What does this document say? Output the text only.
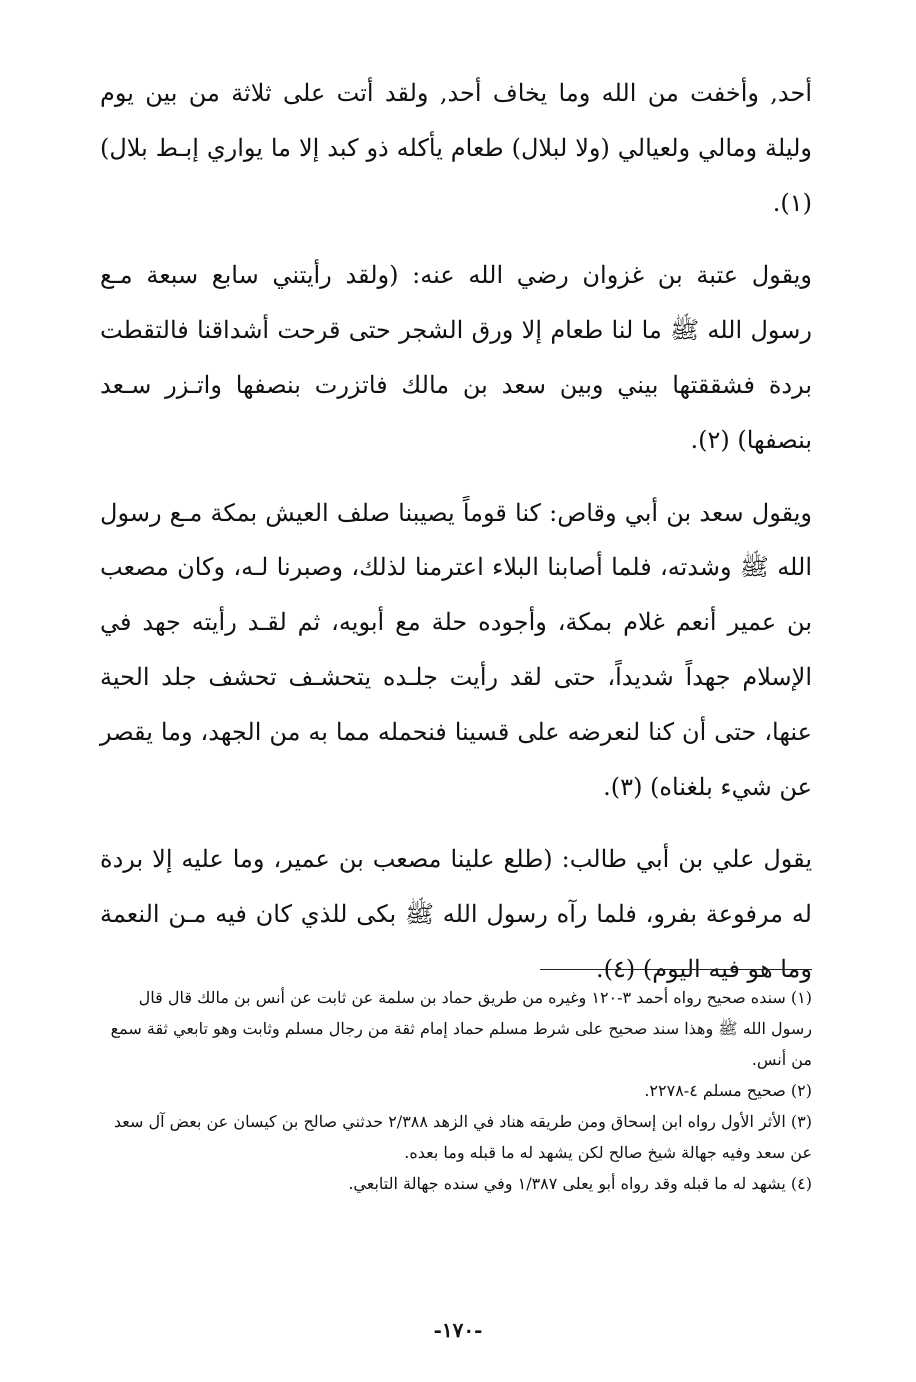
أحد, وأخفت من الله وما يخاف أحد, ولقد أتت على ثلاثة من بين يوم وليلة ومالي ولعيالي (ولا لبلال) طعام يأكله ذو كبد إلا ما يواري إبـط بلال) (١).

ويقول عتبة بن غزوان رضي الله عنه: (ولقد رأيتني سابع سبعة مـع رسول الله ﷺ ما لنا طعام إلا ورق الشجر حتى قرحت أشداقنا فالتقطت بردة فشققتها بيني وبين سعد بن مالك فاتزرت بنصفها واتـزر سـعد بنصفها) (٢).

ويقول سعد بن أبي وقاص: كنا قوماً يصيبنا صلف العيش بمكة مـع رسول الله ﷺ وشدته، فلما أصابنا البلاء اعترمنا لذلك، وصبرنا لـه، وكان مصعب بن عمير أنعم غلام بمكة، وأجوده حلة مع أبويه، ثم لقـد رأيته جهد في الإسلام جهداً شديداً، حتى لقد رأيت جلـده يتحشـف تحشف جلد الحية عنها، حتى أن كنا لنعرضه على قسينا فنحمله مما به من الجهد، وما يقصر عن شيء بلغناه) (٣).

يقول علي بن أبي طالب: (طلع علينا مصعب بن عمير، وما عليه إلا بردة له مرفوعة بفرو، فلما رآه رسول الله ﷺ بكى للذي كان فيه مـن النعمة وما هو فيه اليوم) (٤).

(١) سنده صحيح رواه أحمد ٣-١٢٠ وغيره من طريق حماد بن سلمة عن ثابت عن أنس بن مالك قال قال رسول الله ﷺ وهذا سند صحيح على شرط مسلم حماد إمام ثقة من رجال مسلم وثابت وهو تابعي ثقة سمع من أنس.

(٢) صحيح مسلم ٤-٢٢٧٨.

(٣) الأثر الأول رواه ابن إسحاق ومن طريقه هناد في الزهد ٢/٣٨٨ حدثني صالح بن كيسان عن بعض آل سعد عن سعد وفيه جهالة شيخ صالح لكن يشهد له ما قبله وما بعده.

(٤) يشهد له ما قبله وقد رواه أبو يعلى ١/٣٨٧ وفي سنده جهالة التابعي.

-١٧٠-
